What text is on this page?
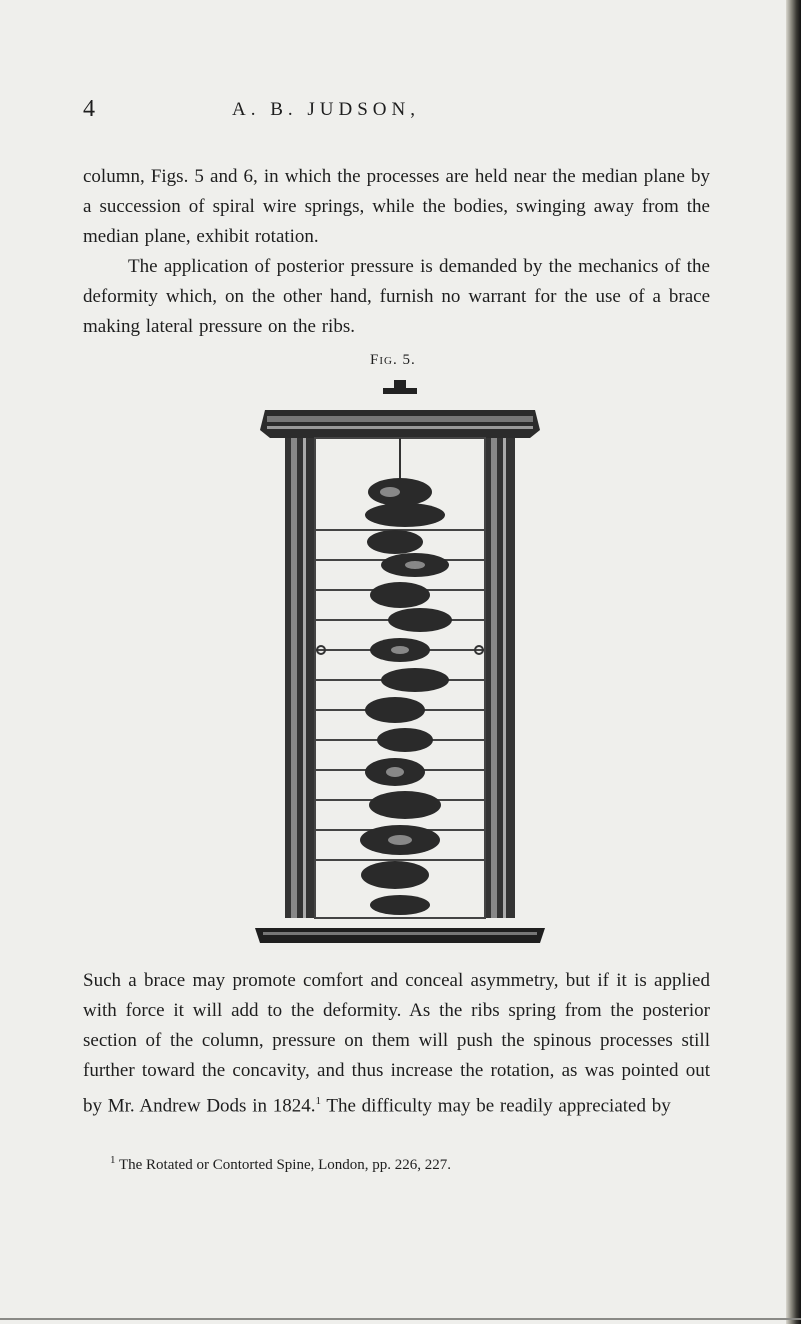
4	A. B. JUDSON,

column, Figs. 5 and 6, in which the processes are held near the median plane by a succession of spiral wire springs, while the bodies, swinging away from the median plane, exhibit rotation.

The application of posterior pressure is demanded by the mechanics of the deformity which, on the other hand, furnish no warrant for the use of a brace making lateral pressure on the ribs.

Fig. 5.

Such a brace may promote comfort and conceal asymmetry, but if it is applied with force it will add to the deformity. As the ribs spring from the posterior section of the column, pressure on them will push the spinous processes still further toward the concavity, and thus increase the rotation, as was pointed out by Mr. Andrew Dods in 1824.$^1$ The difficulty may be readily appreciated by

$^1$ The Rotated or Contorted Spine, London, pp. 226, 227.
